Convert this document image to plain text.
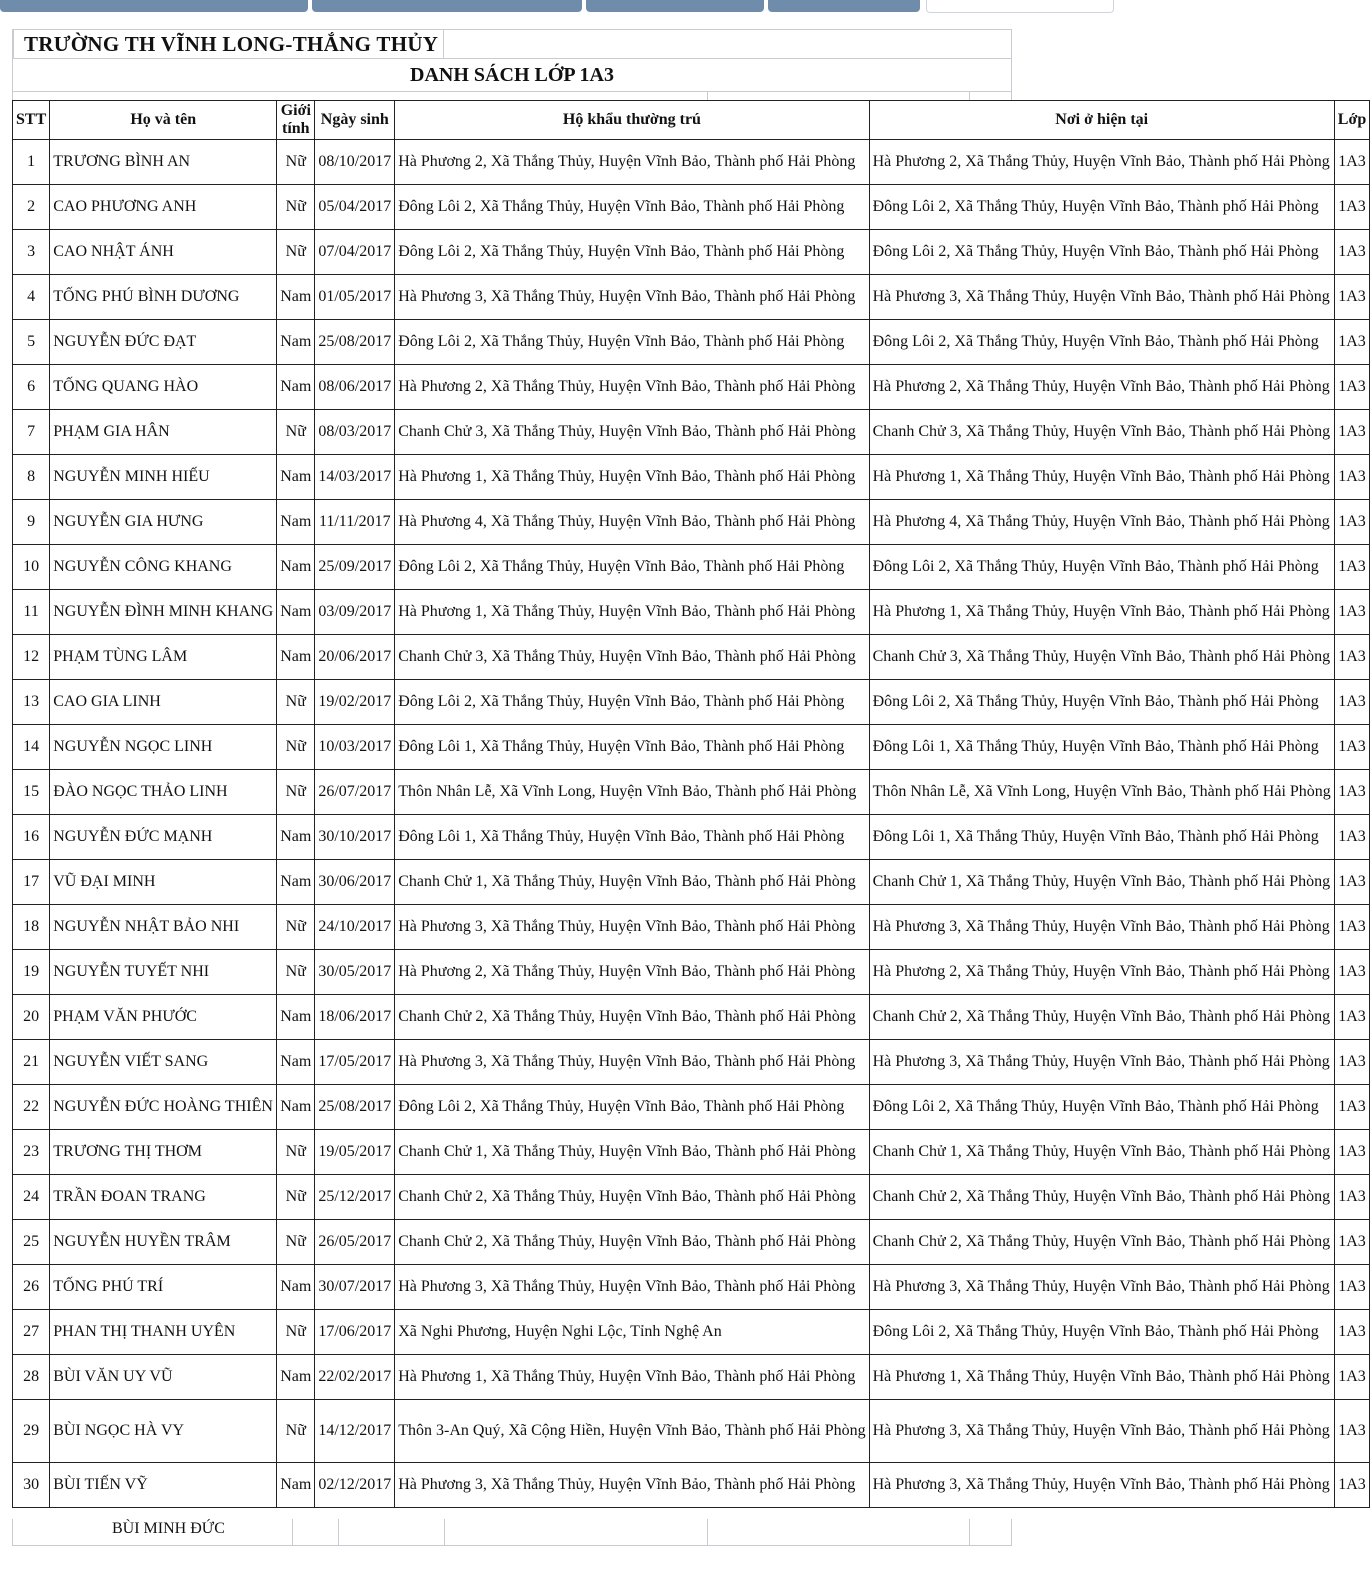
TRƯỜNG TH VĨNH LONG-THẮNG THỦY
DANH SÁCH LỚP 1A3
STT	Họ và tên	Giới tính	Ngày sinh	Hộ khẩu thường trú	Nơi ở hiện tại	Lớp
1	TRƯƠNG BÌNH AN	Nữ	08/10/2017	Hà Phương 2, Xã Thắng Thủy, Huyện Vĩnh Bảo, Thành phố Hải Phòng	Hà Phương 2, Xã Thắng Thủy, Huyện Vĩnh Bảo, Thành phố Hải Phòng	1A3
2	CAO PHƯƠNG ANH	Nữ	05/04/2017	Đông Lôi 2, Xã Thắng Thủy, Huyện Vĩnh Bảo, Thành phố Hải Phòng	Đông Lôi 2, Xã Thắng Thủy, Huyện Vĩnh Bảo, Thành phố Hải Phòng	1A3
3	CAO NHẬT ÁNH	Nữ	07/04/2017	Đông Lôi 2, Xã Thắng Thủy, Huyện Vĩnh Bảo, Thành phố Hải Phòng	Đông Lôi 2, Xã Thắng Thủy, Huyện Vĩnh Bảo, Thành phố Hải Phòng	1A3
4	TỐNG PHÚ BÌNH DƯƠNG	Nam	01/05/2017	Hà Phương 3, Xã Thắng Thủy, Huyện Vĩnh Bảo, Thành phố Hải Phòng	Hà Phương 3, Xã Thắng Thủy, Huyện Vĩnh Bảo, Thành phố Hải Phòng	1A3
5	NGUYỄN ĐỨC ĐẠT	Nam	25/08/2017	Đông Lôi 2, Xã Thắng Thủy, Huyện Vĩnh Bảo, Thành phố Hải Phòng	Đông Lôi 2, Xã Thắng Thủy, Huyện Vĩnh Bảo, Thành phố Hải Phòng	1A3
6	TỐNG QUANG HÀO	Nam	08/06/2017	Hà Phương 2, Xã Thắng Thủy, Huyện Vĩnh Bảo, Thành phố Hải Phòng	Hà Phương 2, Xã Thắng Thủy, Huyện Vĩnh Bảo, Thành phố Hải Phòng	1A3
7	PHẠM GIA HÂN	Nữ	08/03/2017	Chanh Chử 3, Xã Thắng Thủy, Huyện Vĩnh Bảo, Thành phố Hải Phòng	Chanh Chử 3, Xã Thắng Thủy, Huyện Vĩnh Bảo, Thành phố Hải Phòng	1A3
8	NGUYỄN MINH HIẾU	Nam	14/03/2017	Hà Phương 1, Xã Thắng Thủy, Huyện Vĩnh Bảo, Thành phố Hải Phòng	Hà Phương 1, Xã Thắng Thủy, Huyện Vĩnh Bảo, Thành phố Hải Phòng	1A3
9	NGUYỄN GIA HƯNG	Nam	11/11/2017	Hà Phương 4, Xã Thắng Thủy, Huyện Vĩnh Bảo, Thành phố Hải Phòng	Hà Phương 4, Xã Thắng Thủy, Huyện Vĩnh Bảo, Thành phố Hải Phòng	1A3
10	NGUYỄN CÔNG KHANG	Nam	25/09/2017	Đông Lôi 2, Xã Thắng Thủy, Huyện Vĩnh Bảo, Thành phố Hải Phòng	Đông Lôi 2, Xã Thắng Thủy, Huyện Vĩnh Bảo, Thành phố Hải Phòng	1A3
11	NGUYỄN ĐÌNH MINH KHANG	Nam	03/09/2017	Hà Phương 1, Xã Thắng Thủy, Huyện Vĩnh Bảo, Thành phố Hải Phòng	Hà Phương 1, Xã Thắng Thủy, Huyện Vĩnh Bảo, Thành phố Hải Phòng	1A3
12	PHẠM TÙNG LÂM	Nam	20/06/2017	Chanh Chử 3, Xã Thắng Thủy, Huyện Vĩnh Bảo, Thành phố Hải Phòng	Chanh Chử 3, Xã Thắng Thủy, Huyện Vĩnh Bảo, Thành phố Hải Phòng	1A3
13	CAO GIA LINH	Nữ	19/02/2017	Đông Lôi 2, Xã Thắng Thủy, Huyện Vĩnh Bảo, Thành phố Hải Phòng	Đông Lôi 2, Xã Thắng Thủy, Huyện Vĩnh Bảo, Thành phố Hải Phòng	1A3
14	NGUYỄN NGỌC LINH	Nữ	10/03/2017	Đông Lôi 1, Xã Thắng Thủy, Huyện Vĩnh Bảo, Thành phố Hải Phòng	Đông Lôi 1, Xã Thắng Thủy, Huyện Vĩnh Bảo, Thành phố Hải Phòng	1A3
15	ĐÀO NGỌC THẢO LINH	Nữ	26/07/2017	Thôn Nhân Lễ, Xã Vĩnh Long, Huyện Vĩnh Bảo, Thành phố Hải Phòng	Thôn Nhân Lễ, Xã Vĩnh Long, Huyện Vĩnh Bảo, Thành phố Hải Phòng	1A3
16	NGUYỄN ĐỨC MẠNH	Nam	30/10/2017	Đông Lôi 1, Xã Thắng Thủy, Huyện Vĩnh Bảo, Thành phố Hải Phòng	Đông Lôi 1, Xã Thắng Thủy, Huyện Vĩnh Bảo, Thành phố Hải Phòng	1A3
17	VŨ ĐẠI MINH	Nam	30/06/2017	Chanh Chử 1, Xã Thắng Thủy, Huyện Vĩnh Bảo, Thành phố Hải Phòng	Chanh Chử 1, Xã Thắng Thủy, Huyện Vĩnh Bảo, Thành phố Hải Phòng	1A3
18	NGUYỄN NHẬT BẢO NHI	Nữ	24/10/2017	Hà Phương 3, Xã Thắng Thủy, Huyện Vĩnh Bảo, Thành phố Hải Phòng	Hà Phương 3, Xã Thắng Thủy, Huyện Vĩnh Bảo, Thành phố Hải Phòng	1A3
19	NGUYỄN TUYẾT NHI	Nữ	30/05/2017	Hà Phương 2, Xã Thắng Thủy, Huyện Vĩnh Bảo, Thành phố Hải Phòng	Hà Phương 2, Xã Thắng Thủy, Huyện Vĩnh Bảo, Thành phố Hải Phòng	1A3
20	PHẠM VĂN PHƯỚC	Nam	18/06/2017	Chanh Chử 2, Xã Thắng Thủy, Huyện Vĩnh Bảo, Thành phố Hải Phòng	Chanh Chử 2, Xã Thắng Thủy, Huyện Vĩnh Bảo, Thành phố Hải Phòng	1A3
21	NGUYỄN VIẾT SANG	Nam	17/05/2017	Hà Phương 3, Xã Thắng Thủy, Huyện Vĩnh Bảo, Thành phố Hải Phòng	Hà Phương 3, Xã Thắng Thủy, Huyện Vĩnh Bảo, Thành phố Hải Phòng	1A3
22	NGUYỄN ĐỨC HOÀNG THIÊN	Nam	25/08/2017	Đông Lôi 2, Xã Thắng Thủy, Huyện Vĩnh Bảo, Thành phố Hải Phòng	Đông Lôi 2, Xã Thắng Thủy, Huyện Vĩnh Bảo, Thành phố Hải Phòng	1A3
23	TRƯƠNG THỊ THƠM	Nữ	19/05/2017	Chanh Chử 1, Xã Thắng Thủy, Huyện Vĩnh Bảo, Thành phố Hải Phòng	Chanh Chử 1, Xã Thắng Thủy, Huyện Vĩnh Bảo, Thành phố Hải Phòng	1A3
24	TRẦN ĐOAN TRANG	Nữ	25/12/2017	Chanh Chử 2, Xã Thắng Thủy, Huyện Vĩnh Bảo, Thành phố Hải Phòng	Chanh Chử 2, Xã Thắng Thủy, Huyện Vĩnh Bảo, Thành phố Hải Phòng	1A3
25	NGUYỄN HUYỀN TRÂM	Nữ	26/05/2017	Chanh Chử 2, Xã Thắng Thủy, Huyện Vĩnh Bảo, Thành phố Hải Phòng	Chanh Chử 2, Xã Thắng Thủy, Huyện Vĩnh Bảo, Thành phố Hải Phòng	1A3
26	TỐNG PHÚ TRÍ	Nam	30/07/2017	Hà Phương 3, Xã Thắng Thủy, Huyện Vĩnh Bảo, Thành phố Hải Phòng	Hà Phương 3, Xã Thắng Thủy, Huyện Vĩnh Bảo, Thành phố Hải Phòng	1A3
27	PHAN THỊ THANH UYÊN	Nữ	17/06/2017	Xã Nghi Phương, Huyện Nghi Lộc, Tỉnh Nghệ An	Đông Lôi 2, Xã Thắng Thủy, Huyện Vĩnh Bảo, Thành phố Hải Phòng	1A3
28	BÙI VĂN UY VŨ	Nam	22/02/2017	Hà Phương 1, Xã Thắng Thủy, Huyện Vĩnh Bảo, Thành phố Hải Phòng	Hà Phương 1, Xã Thắng Thủy, Huyện Vĩnh Bảo, Thành phố Hải Phòng	1A3
29	BÙI NGỌC HÀ VY	Nữ	14/12/2017	Thôn 3-An Quý, Xã Cộng Hiền, Huyện Vĩnh Bảo, Thành phố Hải Phòng	Hà Phương 3, Xã Thắng Thủy, Huyện Vĩnh Bảo, Thành phố Hải Phòng	1A3
30	BÙI TIẾN VỸ	Nam	02/12/2017	Hà Phương 3, Xã Thắng Thủy, Huyện Vĩnh Bảo, Thành phố Hải Phòng	Hà Phương 3, Xã Thắng Thủy, Huyện Vĩnh Bảo, Thành phố Hải Phòng	1A3
BÙI MINH ĐỨC
